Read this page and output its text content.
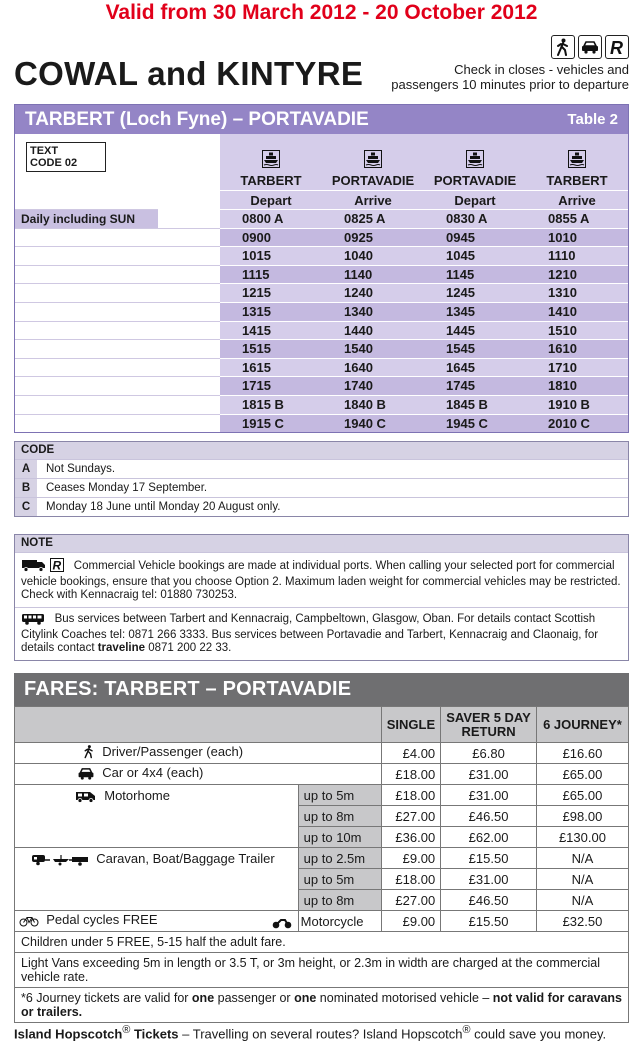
Valid from 30 March 2012 - 20 October 2012
R
COWAL and KINTYRE	Check in closes - vehicles and
passengers 10 minutes prior to departure
TARBERT (Loch Fyne) – PORTAVADIE	Table 2
TEXT
CODE 02
Daily including SUN
TARBERT PORTAVADIE PORTAVADIE TARBERT
Depart	Arrive	Depart	Arrive
0800 A	0825 A	0830 A	0855 A
0900	0925	0945	1010
1015	1040	1045	1110
1115	1140	1145	1210
1215	1240	1245	1310
1315	1340	1345	1410
1415	1440	1445	1510
1515	1540	1545	1610
1615	1640	1645	1710
1715	1740	1745	1810
1815 B	1840 B	1845 B	1910 B
1915 C	1940 C	1945 C	2010 C
CODE
A	Not Sundays.
B	Ceases Monday 17 September.
C	Monday 18 June until Monday 20 August only.
NOTE

R Commercial Vehicle bookings are made at individual ports. When calling your selected port for commercial vehicle bookings, ensure that you choose Option 2. Maximum laden weight for commercial vehicles may be restricted. Check with Kennacraig tel: 01880 730253.
Bus services between Tarbert and Kennacraig, Campbeltown, Glasgow, Oban. For details contact Scottish Citylink Coaches tel: 0871 266 3333. Bus services between Portavadie and Tarbert, Kennacraig and Claonaig, for details contact traveline 0871 200 22 33.
FARES: TARBERT – PORTAVADIE
		SINGLE	SAVER 5 DAY
RETURN	6 JOURNEY*
Driver/Passenger (each)		£4.00	£6.80	£16.60
Car or 4x4 (each)		£18.00	£31.00	£65.00
Motorhome	up to 5m	£18.00	£31.00	£65.00
	up to 8m	£27.00	£46.50	£98.00
	up to 10m	£36.00	£62.00	£130.00
Caravan, Boat/Baggage Trailer	up to 2.5m	£9.00	£15.50	N/A
	up to 5m	£18.00	£31.00	N/A
	up to 8m	£27.00	£46.50	N/A
Pedal cycles FREE	Motorcycle	£9.00	£15.50	£32.50
Children under 5 FREE, 5-15 half the adult fare.				
Light Vans exceeding 5m in length or 3.5 T, or 3m height, or 2.3m in width are charged at the commercial vehicle rate.				
*6 Journey tickets are valid for one passenger or one nominated motorised vehicle – not valid for caravans or trailers.				
Island Hopscotch® Tickets – Travelling on several routes? Island Hopscotch® could save you money.
